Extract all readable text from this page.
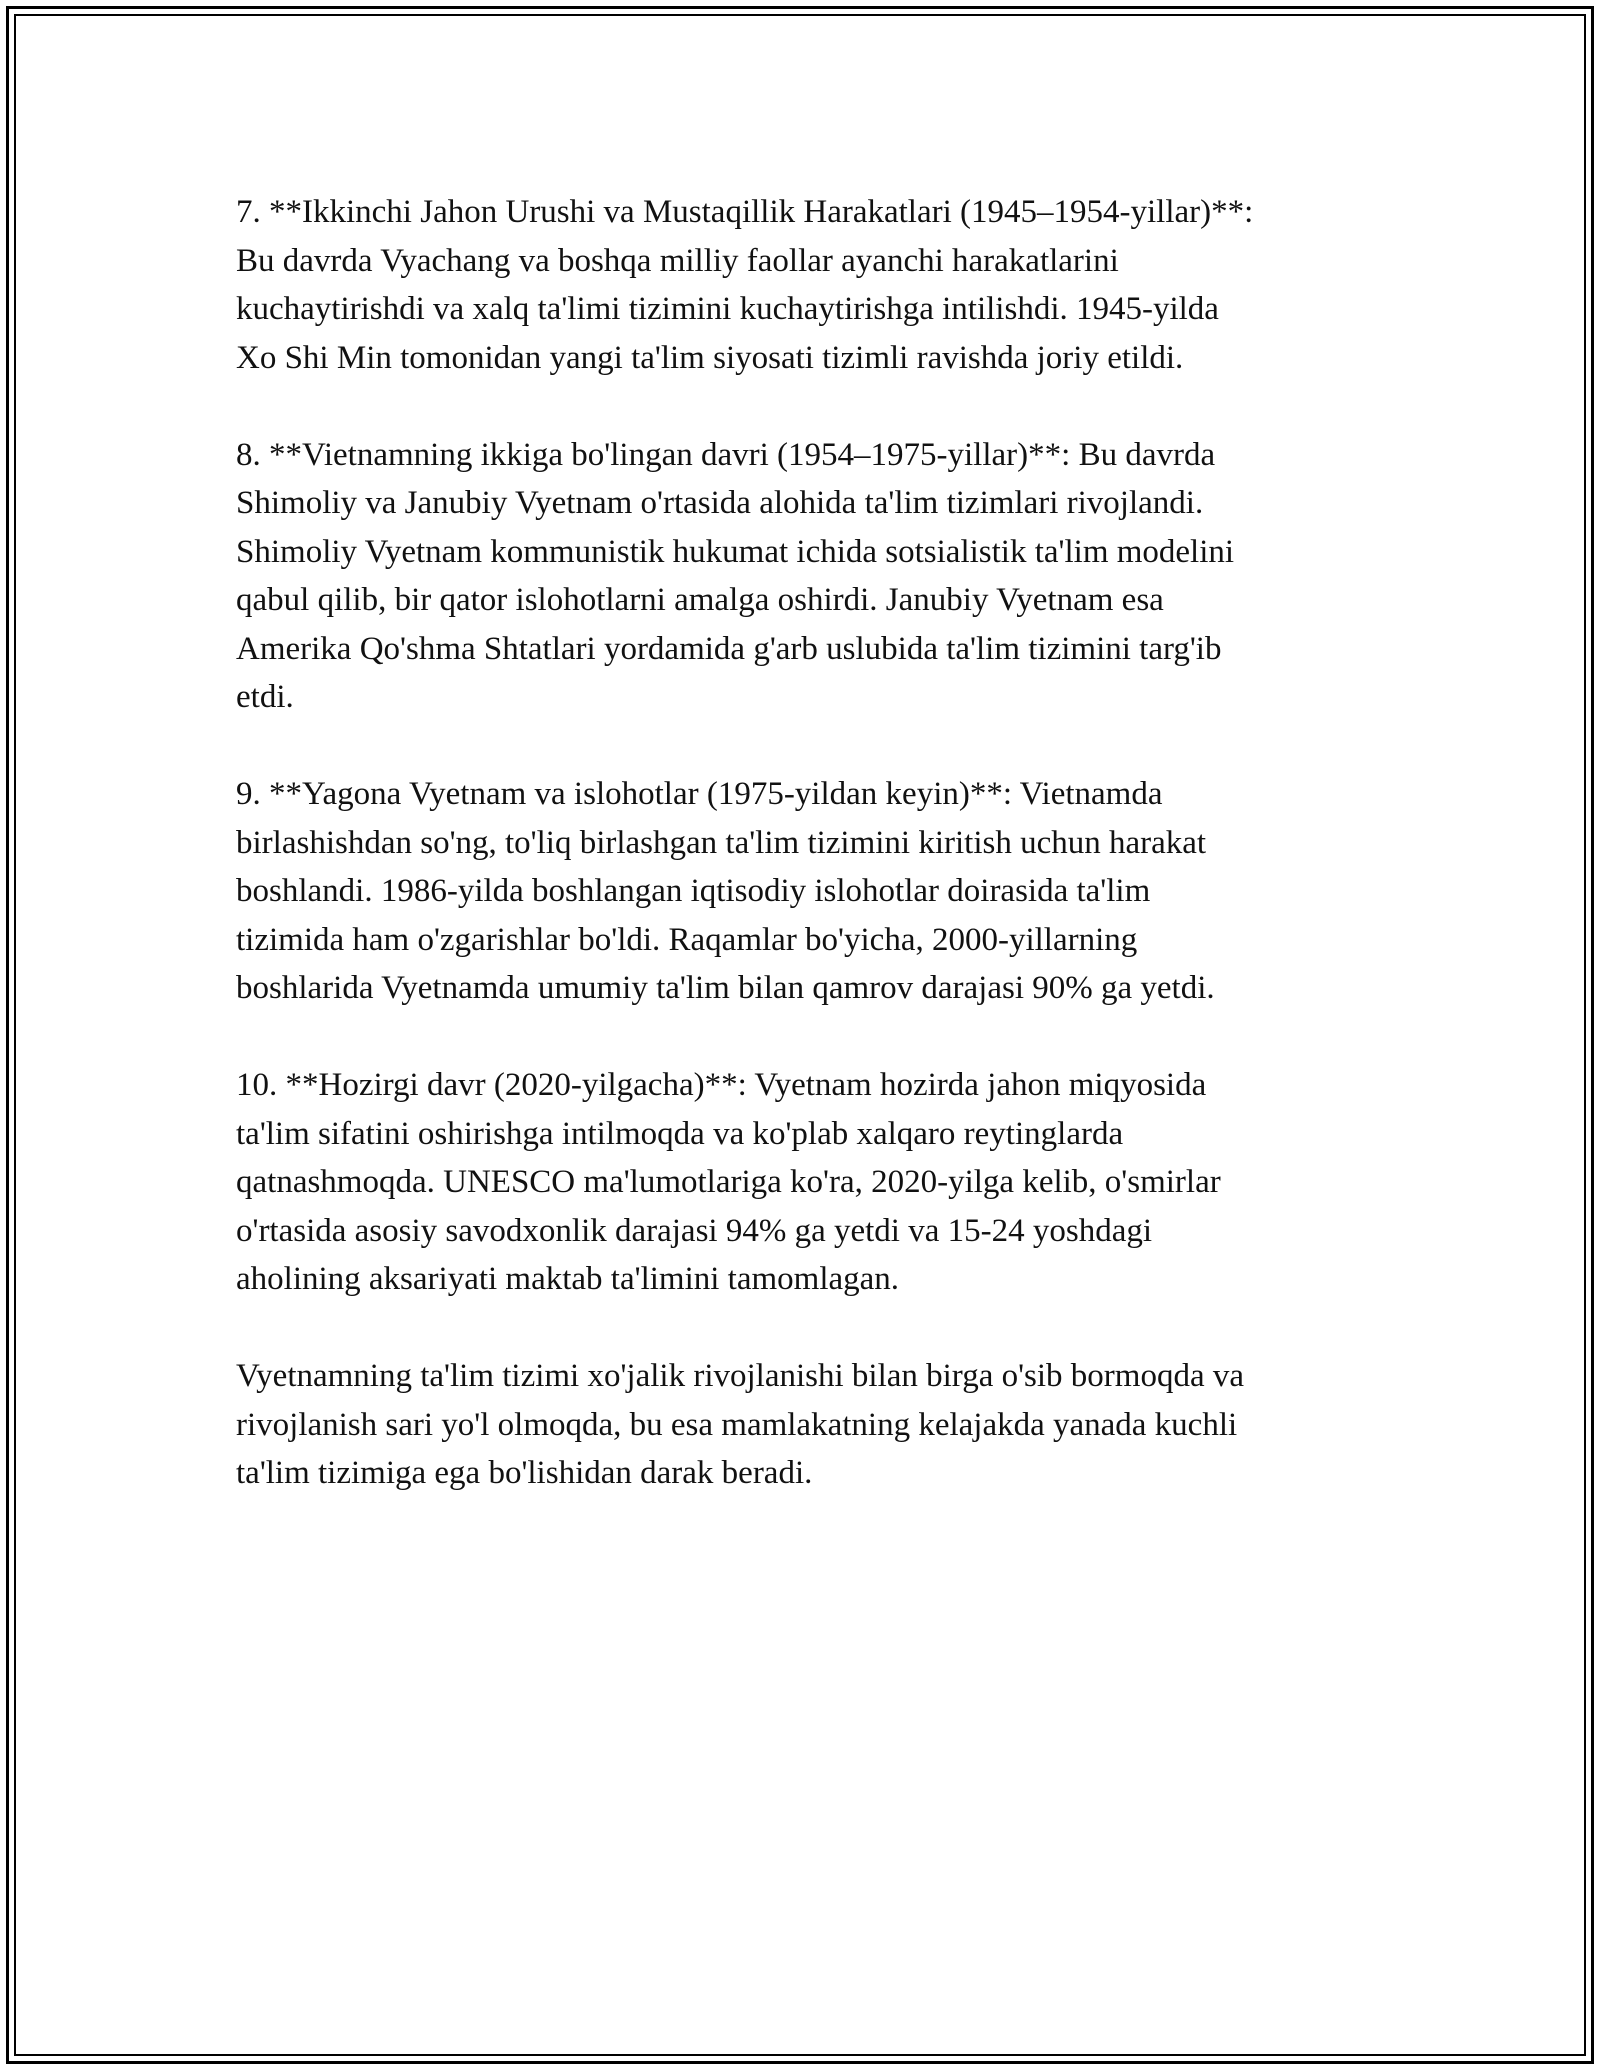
7. **Ikkinchi Jahon Urushi va Mustaqillik Harakatlari (1945–1954-yillar)**:
Bu davrda Vyachang va boshqa milliy faollar ayanchi harakatlarini
kuchaytirishdi va xalq ta'limi tizimini kuchaytirishga intilishdi. 1945-yilda
Xo Shi Min tomonidan yangi ta'lim siyosati tizimli ravishda joriy etildi.

8. **Vietnamning ikkiga bo'lingan davri (1954–1975-yillar)**: Bu davrda
Shimoliy va Janubiy Vyetnam o'rtasida alohida ta'lim tizimlari rivojlandi.
Shimoliy Vyetnam kommunistik hukumat ichida sotsialistik ta'lim modelini
qabul qilib, bir qator islohotlarni amalga oshirdi. Janubiy Vyetnam esa
Amerika Qo'shma Shtatlari yordamida g'arb uslubida ta'lim tizimini targ'ib
etdi.

9. **Yagona Vyetnam va islohotlar (1975-yildan keyin)**: Vietnamda
birlashishdan so'ng, to'liq birlashgan ta'lim tizimini kiritish uchun harakat
boshlandi. 1986-yilda boshlangan iqtisodiy islohotlar doirasida ta'lim
tizimida ham o'zgarishlar bo'ldi. Raqamlar bo'yicha, 2000-yillarning
boshlarida Vyetnamda umumiy ta'lim bilan qamrov darajasi 90% ga yetdi.

10. **Hozirgi davr (2020-yilgacha)**: Vyetnam hozirda jahon miqyosida
ta'lim sifatini oshirishga intilmoqda va ko'plab xalqaro reytinglarda
qatnashmoqda. UNESCO ma'lumotlariga ko'ra, 2020-yilga kelib, o'smirlar
o'rtasida asosiy savodxonlik darajasi 94% ga yetdi va 15-24 yoshdagi
aholining aksariyati maktab ta'limini tamomlagan.

Vyetnamning ta'lim tizimi xo'jalik rivojlanishi bilan birga o'sib bormoqda va
rivojlanish sari yo'l olmoqda, bu esa mamlakatning kelajakda yanada kuchli
ta'lim tizimiga ega bo'lishidan darak beradi.
